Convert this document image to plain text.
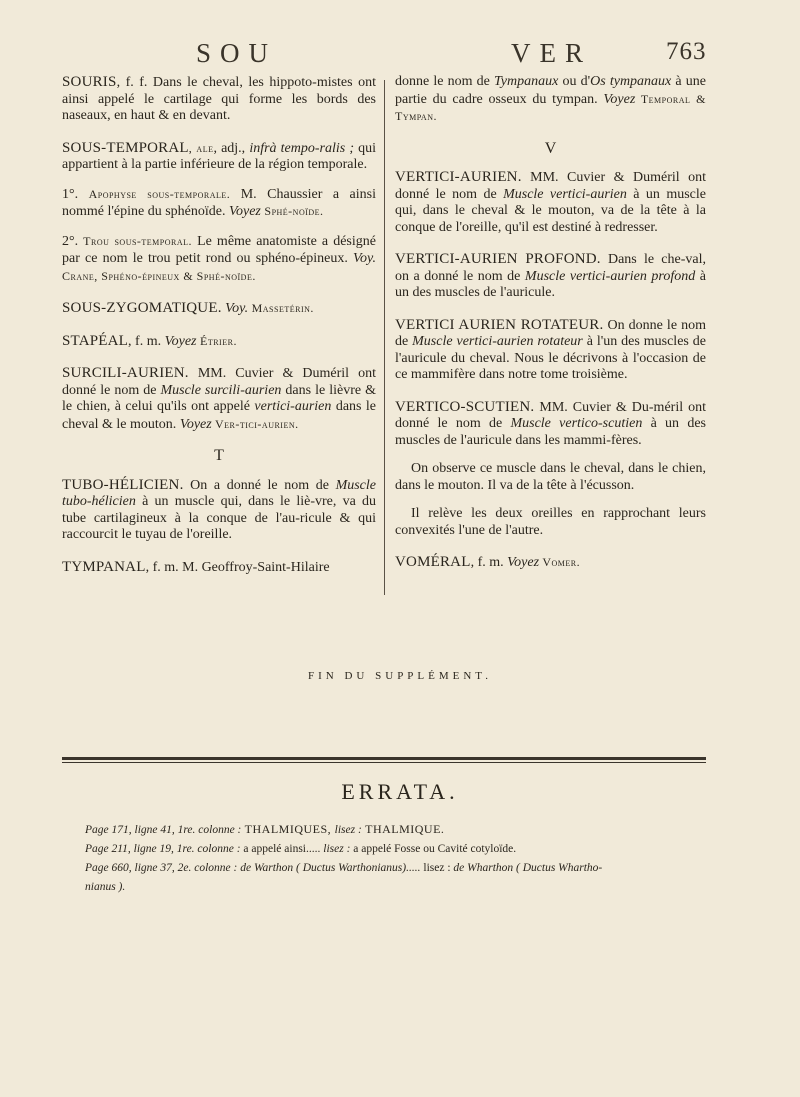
SOU	VER	763

SOURIS, f. f. Dans le cheval, les hippoto-mistes ont ainsi appelé le cartilage qui forme les bords des naseaux, en haut & en devant.

SOUS-TEMPORAL, ale, adj., infrà tempo-ralis ; qui appartient à la partie inférieure de la région temporale.

1°. Apophyse sous-temporale. M. Chaussier a ainsi nommé l'épine du sphénoïde. Voyez Sphé-noïde.

2°. Trou sous-temporal. Le même anatomiste a désigné par ce nom le trou petit rond ou sphéno-épineux. Voy. Crane, Sphéno-épineux & Sphé-noïde.

SOUS-ZYGOMATIQUE. Voy. Massetérin.

STAPÉAL, f. m. Voyez Étrier.

SURCILI-AURIEN. MM. Cuvier & Duméril ont donné le nom de Muscle surcili-aurien dans le lièvre & le chien, à celui qu'ils ont appelé vertici-aurien dans le cheval & le mouton. Voyez Ver-tici-aurien.

T

TUBO-HÉLICIEN. On a donné le nom de Muscle tubo-hélicien à un muscle qui, dans le liè-vre, va du tube cartilagineux à la conque de l'au-ricule & qui raccourcit le tuyau de l'oreille.

TYMPANAL, f. m. M. Geoffroy-Saint-Hilaire

donne le nom de Tympanaux ou d'Os tympanaux à une partie du cadre osseux du tympan. Voyez Temporal & Tympan.

V

VERTICI-AURIEN. MM. Cuvier & Duméril ont donné le nom de Muscle vertici-aurien à un muscle qui, dans le cheval & le mouton, va de la tête à la conque de l'oreille, qu'il est destiné à redresser.

VERTICI-AURIEN PROFOND. Dans le che-val, on a donné le nom de Muscle vertici-aurien profond à un des muscles de l'auricule.

VERTICI AURIEN ROTATEUR. On donne le nom de Muscle vertici-aurien rotateur à l'un des muscles de l'auricule du cheval. Nous le décrivons à l'occasion de ce mammifère dans notre tome troisième.

VERTICO-SCUTIEN. MM. Cuvier & Du-méril ont donné le nom de Muscle vertico-scutien à un des muscles de l'auricule dans les mammi-fères.

On observe ce muscle dans le cheval, dans le chien, dans le mouton. Il va de la tête à l'écusson.

Il relève les deux oreilles en rapprochant leurs convexités l'une de l'autre.

VOMÉRAL, f. m. Voyez Vomer.

FIN DU SUPPLÉMENT.
ERRATA.
Page 171, ligne 41, 1re. colonne : THALMIQUES, lisez : THALMIQUE.
Page 211, ligne 19, 1re. colonne : a appelé ainsi..... lisez : a appelé Fosse ou Cavité cotyloïde.
Page 660, ligne 37, 2e. colonne : de Warthon ( Ductus Warthonianus)..... lisez : de Wharthon ( Ductus Whartho-
nianus ).
